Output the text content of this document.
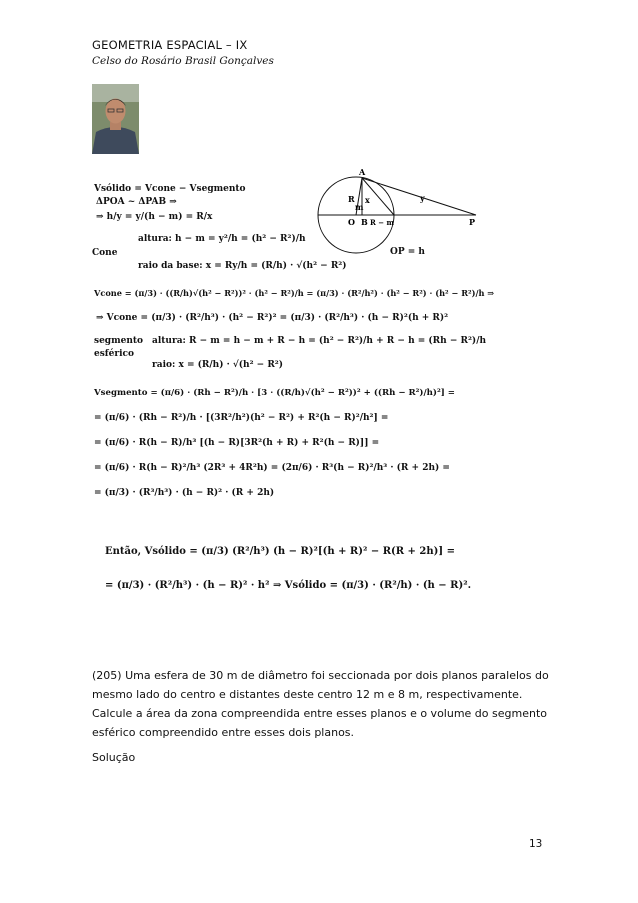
GEOMETRIA ESPACIAL – IX
Celso do Rosário Brasil Gonçalves
Vsólido = Vcone − Vsegmento
ΔPOA ~ ΔPAB ⇒
⇒ h/y = y/(h − m) = R/x
altura: h − m = y²/h = (h² − R²)/h
Cone
raio da base: x = Ry/h = (R/h) · √(h² − R²)
OP = h
Vcone = (π/3) · ((R/h)√(h² − R²))² · (h² − R²)/h = (π/3) · (R²/h²) · (h² − R²) · (h² − R²)/h ⇒
⇒ Vcone = (π/3) · (R²/h³) · (h² − R²)² = (π/3) · (R²/h³) · (h − R)²(h + R)²
segmento
esférico
altura: R − m = h − m + R − h = (h² − R²)/h + R − h = (Rh − R²)/h
raio: x = (R/h) · √(h² − R²)
Vsegmento = (π/6) · (Rh − R²)/h · [3 · ((R/h)√(h² − R²))² + ((Rh − R²)/h)²] =
= (π/6) · (Rh − R²)/h · [(3R²/h²)(h² − R²) + R²(h − R)²/h²] =
= (π/6) · R(h − R)/h³ [(h − R)[3R²(h + R) + R²(h − R)]] =
= (π/6) · R(h − R)²/h³ (2R³ + 4R²h) = (2π/6) · R³(h − R)²/h³ · (R + 2h) =
= (π/3) · (R³/h³) · (h − R)² · (R + 2h)
A
y
R
m
x
O B R − m	P
Então, Vsólido = (π/3) (R²/h³) (h − R)²[(h + R)² − R(R + 2h)] =
= (π/3) · (R²/h³) · (h − R)² · h² ⇒ Vsólido = (π/3) · (R²/h) · (h − R)².

(205) Uma esfera de 30 m de diâmetro foi seccionada por dois planos paralelos do

mesmo lado do centro e distantes deste centro 12 m e 8 m, respectivamente.

Calcule a área da zona compreendida entre esses planos e o volume do segmento

esférico compreendido entre esses dois planos.

Solução
13
